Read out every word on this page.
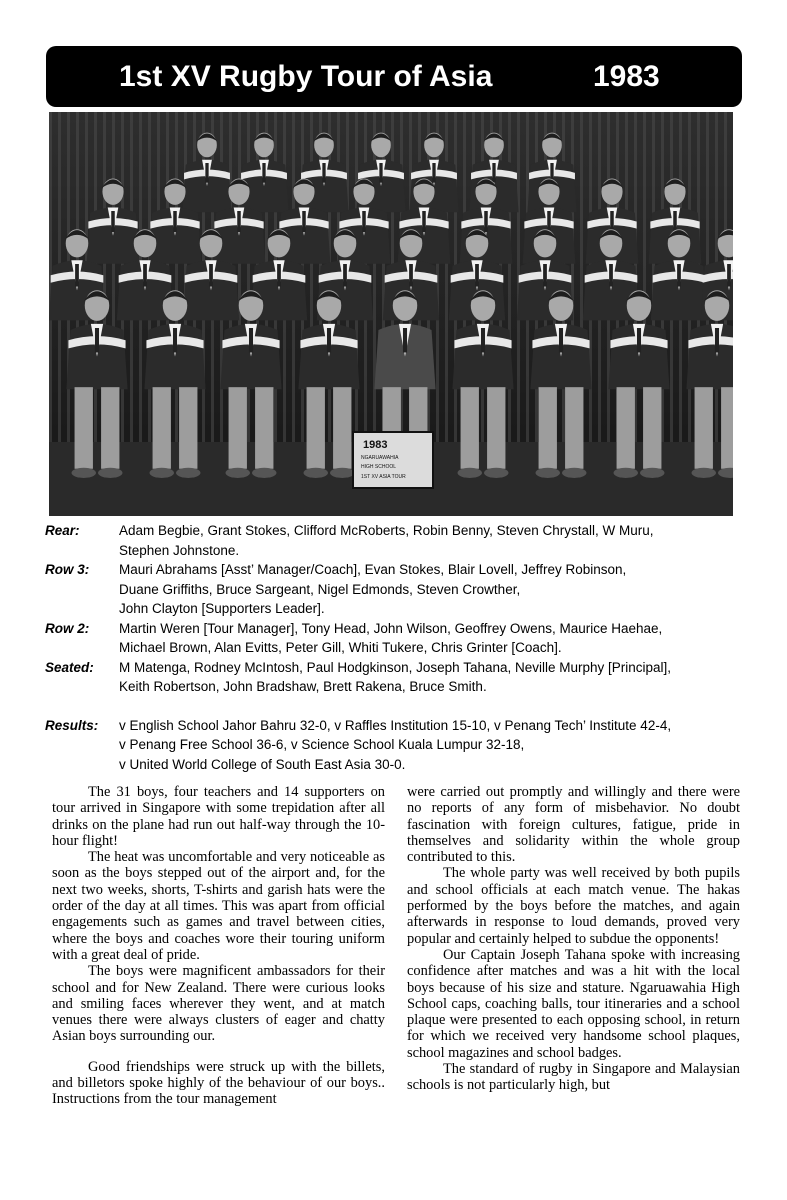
1st XV Rugby Tour of Asia	1983
1983
NGARUAWAHIA
HIGH SCHOOL
1ST XV ASIA TOUR
Rear:	Adam Begbie, Grant Stokes, Clifford McRoberts, Robin Benny, Steven Chrystall, W Muru,
Stephen Johnstone.
Row 3:	Mauri Abrahams [Asst’ Manager/Coach], Evan Stokes, Blair Lovell, Jeffrey Robinson,
Duane Griffiths, Bruce Sargeant, Nigel Edmonds, Steven Crowther,
John Clayton [Supporters Leader].
Row 2:	Martin Weren [Tour Manager], Tony Head, John Wilson, Geoffrey Owens, Maurice Haehae,
Michael Brown, Alan Evitts, Peter Gill, Whiti Tukere, Chris Grinter [Coach].
Seated:	M Matenga, Rodney McIntosh, Paul Hodgkinson, Joseph Tahana, Neville Murphy [Principal],
Keith Robertson, John Bradshaw, Brett Rakena, Bruce Smith.
Results:	v English School Jahor Bahru 32-0, v Raffles Institution 15-10, v Penang Tech’ Institute 42-4,
v Penang Free School 36-6, v Science School Kuala Lumpur 32-18,
v United World College of South East Asia 30-0.

The 31 boys, four teachers and 14 supporters on tour arrived in Singapore with some trepidation after all drinks on the plane had run out half-way through the 10-hour flight!

The heat was uncomfortable and very noticeable as soon as the boys stepped out of the airport and, for the next two weeks, shorts, T-shirts and garish hats were the order of the day at all times. This was apart from official engagements such as games and travel between cities, where the boys and coaches wore their touring uniform with a great deal of pride.

The boys were magnificent ambassadors for their school and for New Zealand. There were curious looks and smiling faces wherever they went, and at match venues there were always clusters of eager and chatty Asian boys surrounding our.

Good friendships were struck up with the billets, and billetors spoke highly of the behaviour of our boys.. Instructions from the tour management

were carried out promptly and willingly and there were no reports of any form of misbehavior. No doubt fascination with foreign cultures, fatigue, pride in themselves and solidarity within the whole group contributed to this.

The whole party was well received by both pupils and school officials at each match venue. The hakas performed by the boys before the matches, and again afterwards in response to loud demands, proved very popular and certainly helped to subdue the opponents!

Our Captain Joseph Tahana spoke with increasing confidence after matches and was a hit with the local boys because of his size and stature. Ngaruawahia High School caps, coaching balls, tour itineraries and a school plaque were presented to each opposing school, in return for which we received very handsome school plaques, school magazines and school badges.

The standard of rugby in Singapore and Malaysian schools is not particularly high, but
